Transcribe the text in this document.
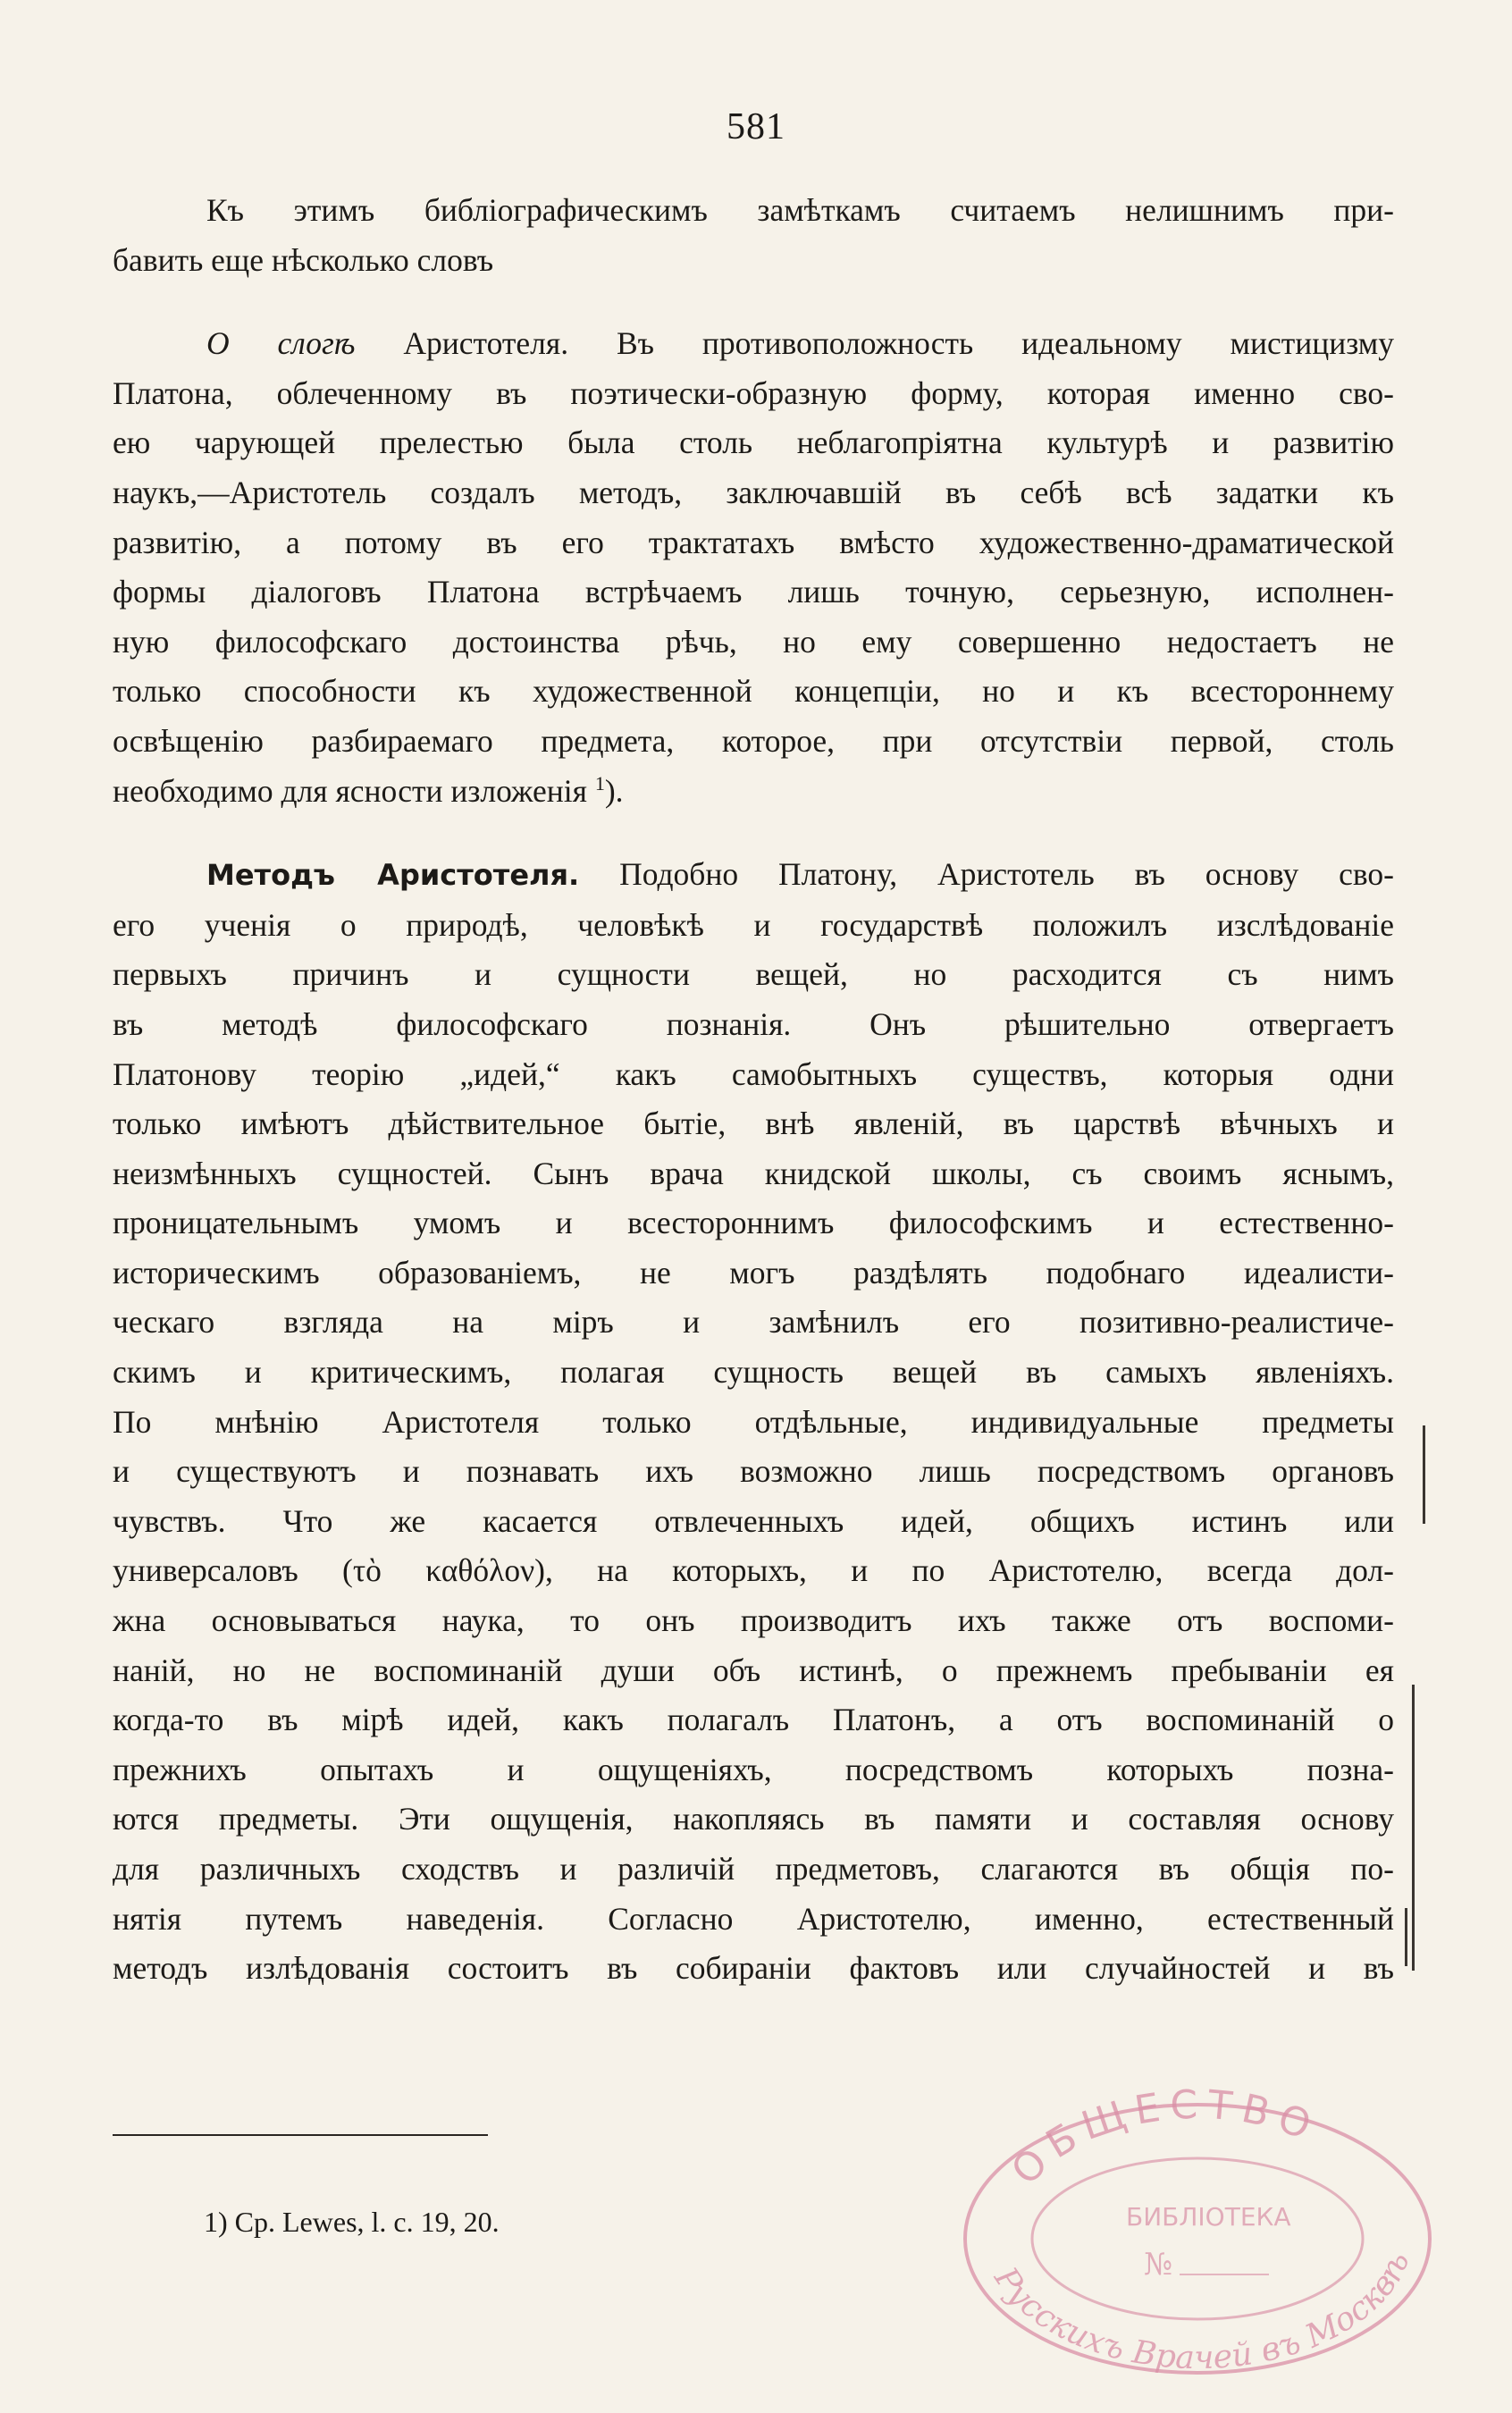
581
Къ этимъ библіографическимъ замѣткамъ считаемъ нелишнимъ при-
бавить еще нѣсколько словъ
О слогѣ Аристотеля. Въ противоположность идеальному мистицизму
Платона, облеченному въ поэтически-образную форму, которая именно сво-
ею чарующей прелестью была столь неблагопріятна культурѣ и развитію
наукъ,—Аристотель создалъ методъ, заключавшій въ себѣ всѣ задатки къ
развитію, а потому въ его трактатахъ вмѣсто художественно-драматической
формы діалоговъ Платона встрѣчаемъ лишь точную, серьезную, исполнен-
ную философскаго достоинства рѣчь, но ему совершенно недостаетъ не
только способности къ художественной концепціи, но и къ всестороннему
освѣщенію разбираемаго предмета, которое, при отсутствіи первой, столь
необходимо для ясности изложенія $^1$).
Методъ Аристотеля. Подобно Платону, Аристотель въ основу сво-
его ученія о природѣ, человѣкѣ и государствѣ положилъ изслѣдованіе
первыхъ причинъ и сущности вещей, но расходится съ нимъ
въ методѣ философскаго познанія. Онъ рѣшительно отвергаетъ
Платонову теорію „идей,“ какъ самобытныхъ существъ, которыя одни
только имѣютъ дѣйствительное бытіе, внѣ явленій, въ царствѣ вѣчныхъ и
неизмѣнныхъ сущностей. Сынъ врача книдской школы, съ своимъ яснымъ,
проницательнымъ умомъ и всестороннимъ философскимъ и естественно-
историческимъ образованіемъ, не могъ раздѣлять подобнаго идеалисти-
ческаго взгляда на міръ и замѣнилъ его позитивно-реалистиче-
скимъ и критическимъ, полагая сущность вещей въ самыхъ явленіяхъ.
По мнѣнію Аристотеля только отдѣльные, индивидуальные предметы
и существуютъ и познавать ихъ возможно лишь посредствомъ органовъ
чувствъ. Что же касается отвлеченныхъ идей, общихъ истинъ или
универсаловъ (τὸ καθόλον), на которыхъ, и по Аристотелю, всегда дол-
жна основываться наука, то онъ производитъ ихъ также отъ воспоми-
наній, но не воспоминаній души объ истинѣ, о прежнемъ пребываніи ея
когда-то въ мірѣ идей, какъ полагалъ Платонъ, а отъ воспоминаній о
прежнихъ опытахъ и ощущеніяхъ, посредствомъ которыхъ позна-
ются предметы. Эти ощущенія, накопляясь въ памяти и составляя основу
для различныхъ сходствъ и различій предметовъ, слагаются въ общія по-
нятія путемъ наведенія. Согласно Аристотелю, именно, естественный
методъ излѣдованія состоитъ въ собираніи фактовъ или случайностей и въ
1) Ср. Lewes, l. c. 19, 20.
ОБЩЕСТВО
БИБЛІОТЕКА
№
Русскихъ Врачей въ Москвѣ
